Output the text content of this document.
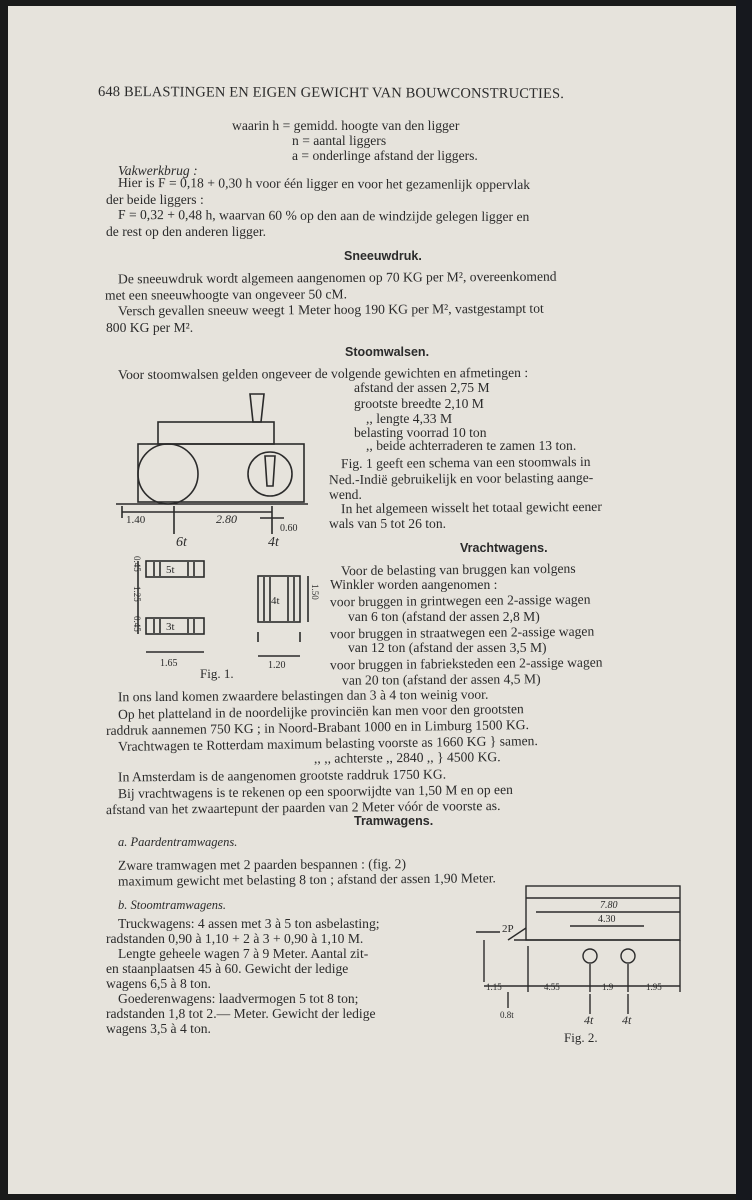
648 BELASTINGEN EN EIGEN GEWICHT VAN BOUWCONSTRUCTIES.
waarin h = gemidd. hoogte van den ligger
n = aantal liggers
a = onderlinge afstand der liggers.
Vakwerkbrug :
Hier is F = 0,18 + 0,30 h voor één ligger en voor het gezamenlijk oppervlak
der beide liggers :
F = 0,32 + 0,48 h, waarvan 60 % op den aan de windzijde gelegen ligger en
de rest op den anderen ligger.
Sneeuwdruk.
De sneeuwdruk wordt algemeen aangenomen op 70 KG per M², overeenkomend
met een sneeuwhoogte van ongeveer 50 cM.
Versch gevallen sneeuw weegt 1 Meter hoog 190 KG per M², vastgestampt tot
800 KG per M².
Stoomwalsen.
Voor stoomwalsen gelden ongeveer de volgende gewichten en afmetingen :
afstand der assen 2,75 M
grootste breedte 2,10 M
,, lengte 4,33 M
belasting voorrad 10 ton
,, beide achterraderen te zamen 13 ton.
Fig. 1 geeft een schema van een stoomwals in
Ned.-Indië gebruikelijk en voor belasting aange-
wend.
In het algemeen wisselt het totaal gewicht eener
wals van 5 tot 26 ton.
Vrachtwagens.
Voor de belasting van bruggen kan volgens
Winkler worden aangenomen :
voor bruggen in grintwegen een 2-assige wagen
van 6 ton (afstand der assen 2,8 M)
voor bruggen in straatwegen een 2-assige wagen
van 12 ton (afstand der assen 3,5 M)
voor bruggen in fabrieksteden een 2-assige wagen
van 20 ton (afstand der assen 4,5 M)
In ons land komen zwaardere belastingen dan 3 à 4 ton weinig voor.
Op het platteland in de noordelijke provinciën kan men voor den grootsten
raddruk aannemen 750 KG ; in Noord-Brabant 1000 en in Limburg 1500 KG.
Vrachtwagen te Rotterdam maximum belasting voorste as 1660 KG } samen.
,, ,, achterste ,, 2840 ,, } 4500 KG.
In Amsterdam is de aangenomen grootste raddruk 1750 KG.
Bij vrachtwagens is te rekenen op een spoorwijdte van 1,50 M en op een
afstand van het zwaartepunt der paarden van 2 Meter vóór de voorste as.
Tramwagens.
a. Paardentramwagens.
Zware tramwagen met 2 paarden bespannen : (fig. 2)
maximum gewicht met belasting 8 ton ; afstand der assen 1,90 Meter.
b. Stoomtramwagens.
Truckwagens: 4 assen met 3 à 5 ton asbelasting;
radstanden 0,90 à 1,10 + 2 à 3 + 0,90 à 1,10 M.
Lengte geheele wagen 7 à 9 Meter. Aantal zit-
en staanplaatsen 45 à 60. Gewicht der ledige
wagens 6,5 à 8 ton.
Goederenwagens: laadvermogen 5 tot 8 ton;
radstanden 1,8 tot 2.— Meter. Gewicht der ledige
wagens 3,5 à 4 ton.
1.40	2.80
0.60
6t	4t
5t
3t
4t
0.45
1.25
0.45
1.50
1.65	1.20
Fig. 1.
7.80
4.30
2P
1.15	4.55	1.9	1.95
0.8t	4t 4t
Fig. 2.
